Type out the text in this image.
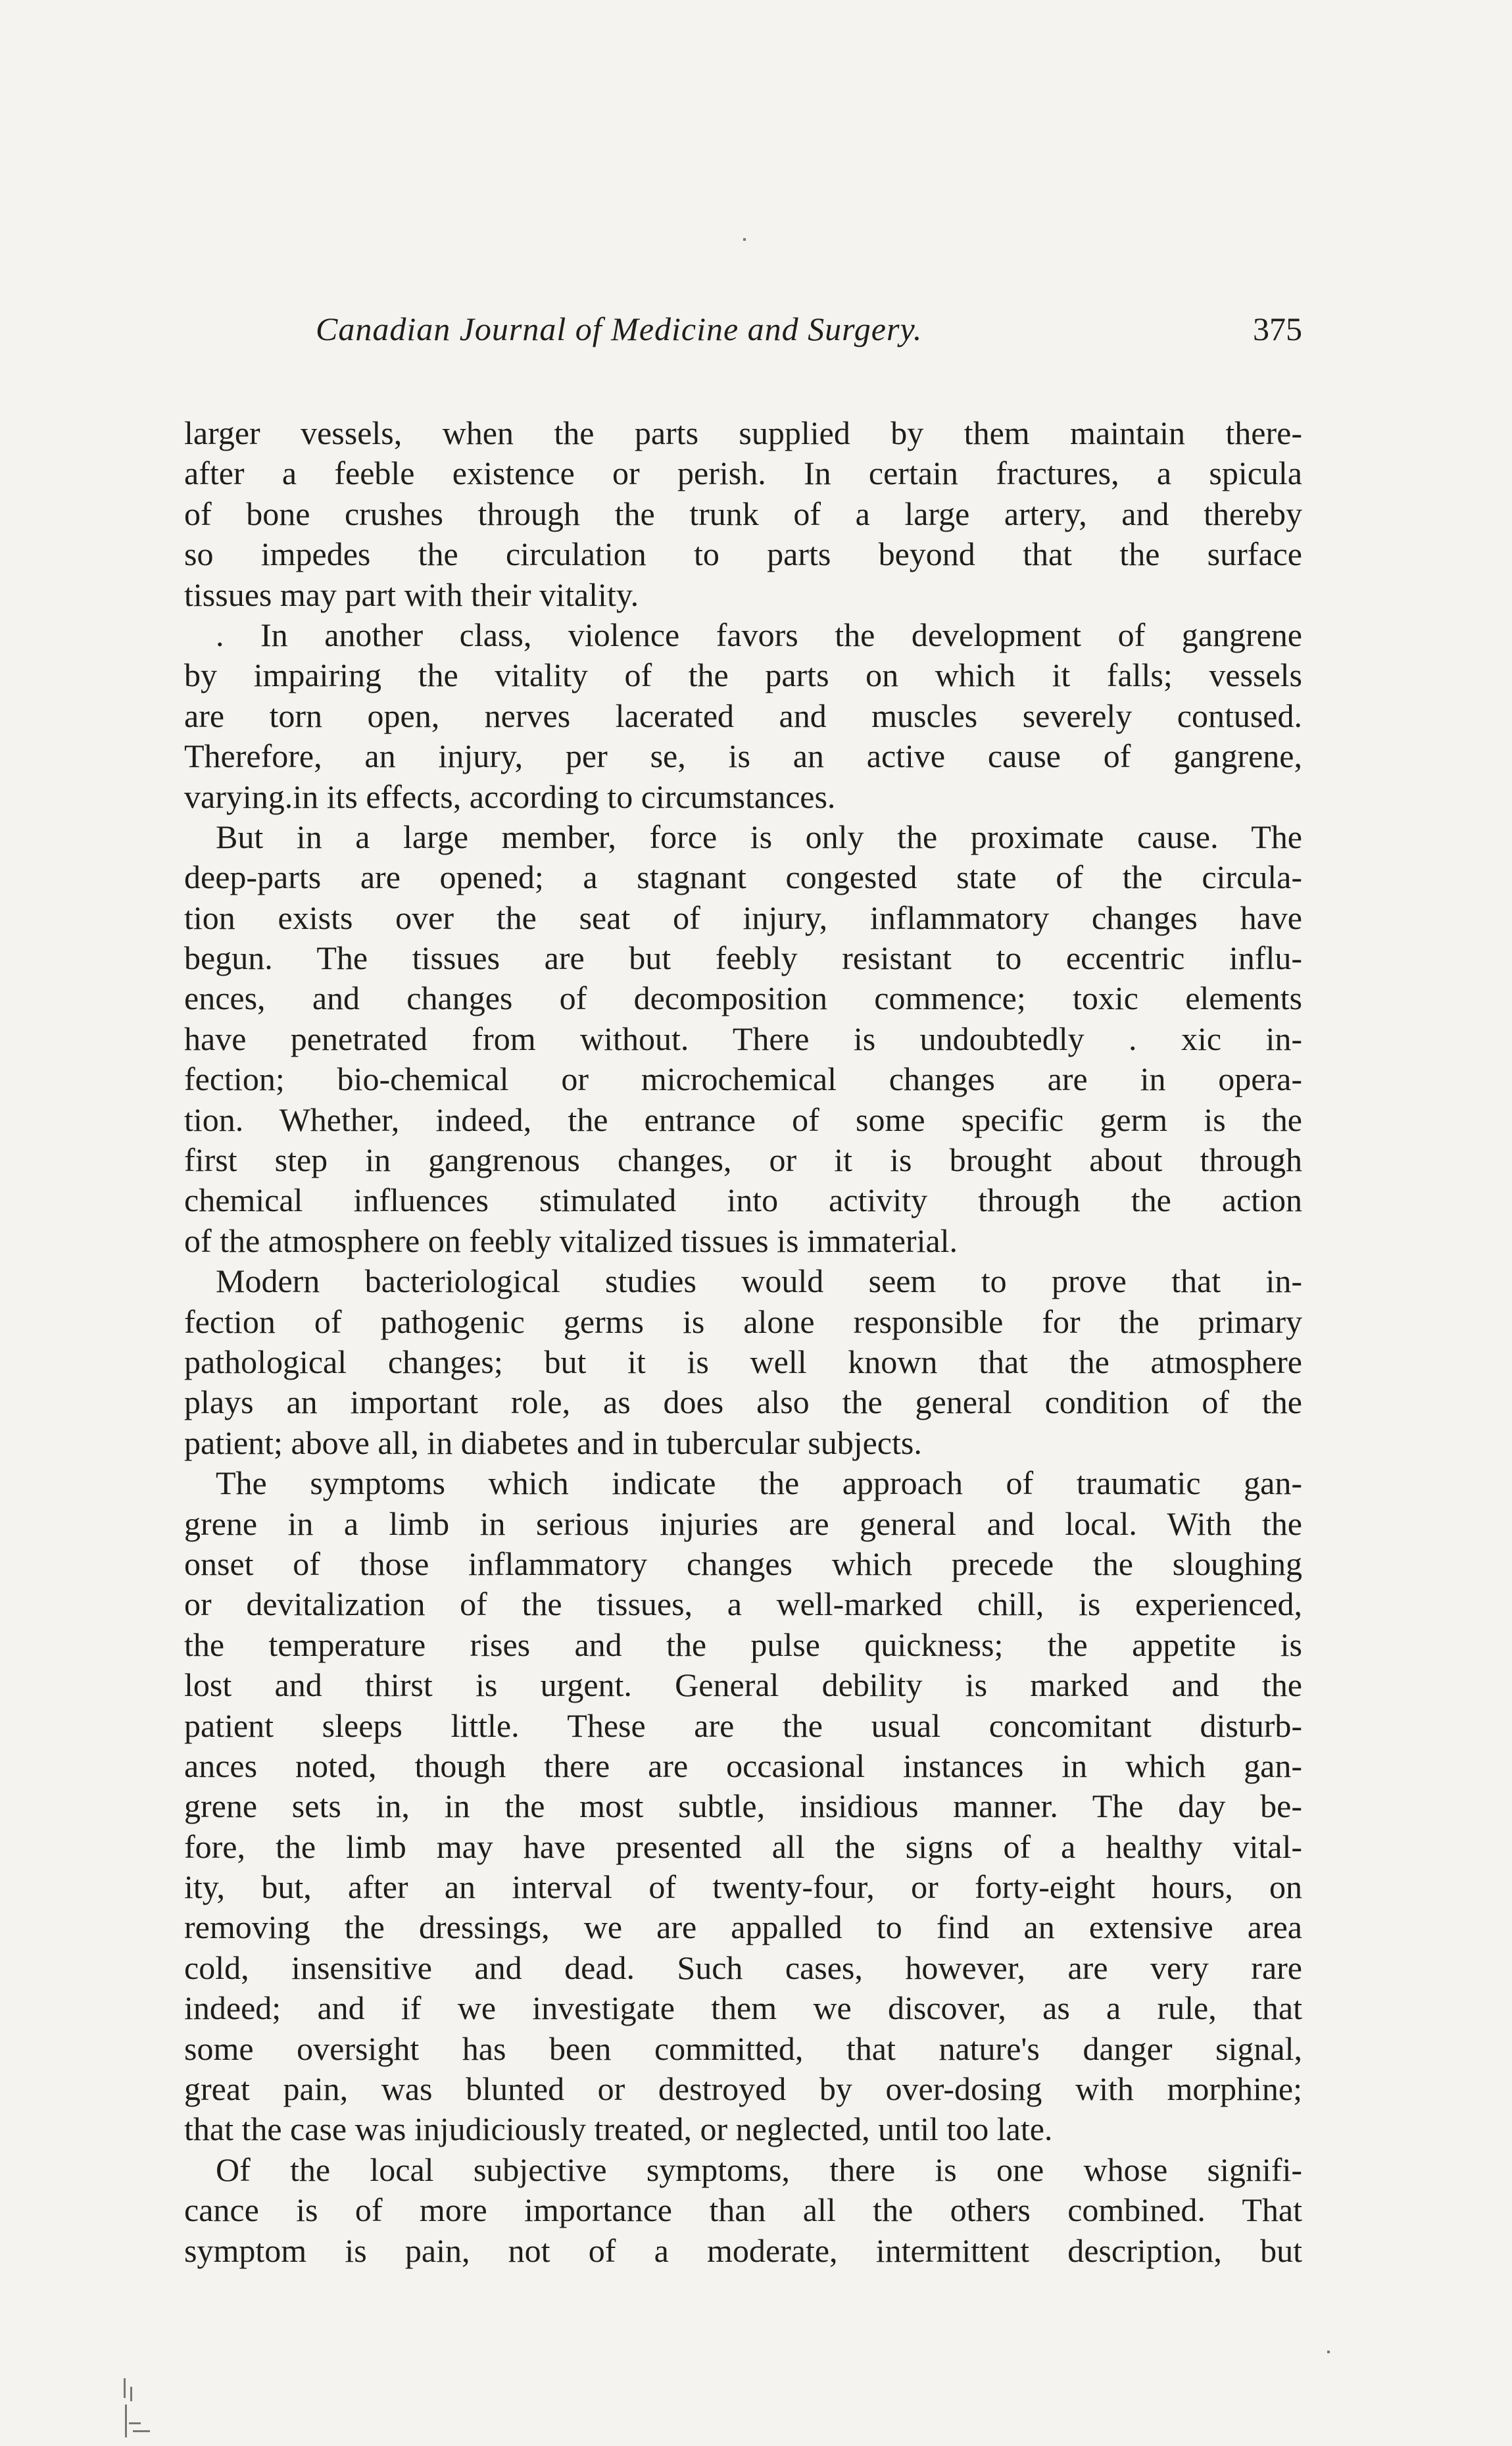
Canadian Journal of Medicine and Surgery.	375
larger vessels, when the parts supplied by them maintain there-
after a feeble existence or perish. In certain fractures, a spicula
of bone crushes through the trunk of a large artery, and thereby
so impedes the circulation to parts beyond that the surface
tissues may part with their vitality.
. In another class, violence favors the development of gangrene
by impairing the vitality of the parts on which it falls; vessels
are torn open, nerves lacerated and muscles severely contused.
Therefore, an injury, per se, is an active cause of gangrene,
varying.in its effects, according to circumstances.
But in a large member, force is only the proximate cause. The
deep-parts are opened; a stagnant congested state of the circula-
tion exists over the seat of injury, inflammatory changes have
begun. The tissues are but feebly resistant to eccentric influ-
ences, and changes of decomposition commence; toxic elements
have penetrated from without. There is undoubtedly . xic in-
fection; bio-chemical or microchemical changes are in opera-
tion. Whether, indeed, the entrance of some specific germ is the
first step in gangrenous changes, or it is brought about through
chemical influences stimulated into activity through the action
of the atmosphere on feebly vitalized tissues is immaterial.
Modern bacteriological studies would seem to prove that in-
fection of pathogenic germs is alone responsible for the primary
pathological changes; but it is well known that the atmosphere
plays an important role, as does also the general condition of the
patient; above all, in diabetes and in tubercular subjects.
The symptoms which indicate the approach of traumatic gan-
grene in a limb in serious injuries are general and local. With the
onset of those inflammatory changes which precede the sloughing
or devitalization of the tissues, a well-marked chill, is experienced,
the temperature rises and the pulse quickness; the appetite is
lost and thirst is urgent. General debility is marked and the
patient sleeps little. These are the usual concomitant disturb-
ances noted, though there are occasional instances in which gan-
grene sets in, in the most subtle, insidious manner. The day be-
fore, the limb may have presented all the signs of a healthy vital-
ity, but, after an interval of twenty-four, or forty-eight hours, on
removing the dressings, we are appalled to find an extensive area
cold, insensitive and dead. Such cases, however, are very rare
indeed; and if we investigate them we discover, as a rule, that
some oversight has been committed, that nature's danger signal,
great pain, was blunted or destroyed by over-dosing with morphine;
that the case was injudiciously treated, or neglected, until too late.
Of the local subjective symptoms, there is one whose signifi-
cance is of more importance than all the others combined. That
symptom is pain, not of a moderate, intermittent description, but
